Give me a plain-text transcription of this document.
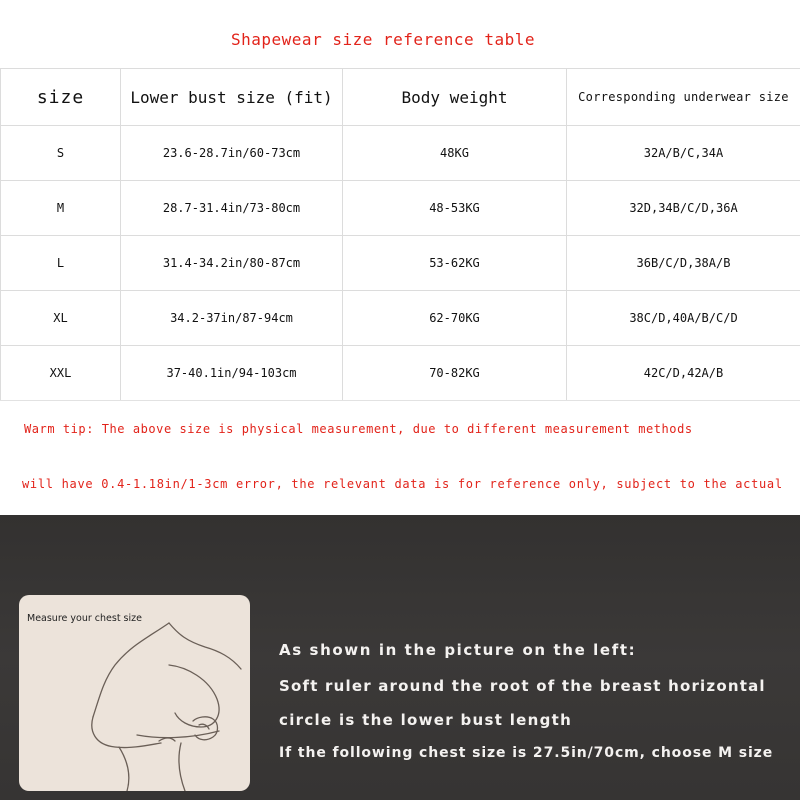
Shapewear size reference table
size	Lower bust size (fit)	Body weight	Corresponding underwear size
S	23.6-28.7in/60-73cm	48KG	32A/B/C,34A
M	28.7-31.4in/73-80cm	48-53KG	32D,34B/C/D,36A
L	31.4-34.2in/80-87cm	53-62KG	36B/C/D,38A/B
XL	34.2-37in/87-94cm	62-70KG	38C/D,40A/B/C/D
XXL	37-40.1in/94-103cm	70-82KG	42C/D,42A/B
Warm tip: The above size is physical measurement, due to different measurement methods
will have 0.4-1.18in/1-3cm error, the relevant data is for reference only, subject to the actual
Measure your chest size
As shown in the picture on the left:
Soft ruler around the root of the breast horizontal
circle is the lower bust length
If the following chest size is 27.5in/70cm, choose M size
